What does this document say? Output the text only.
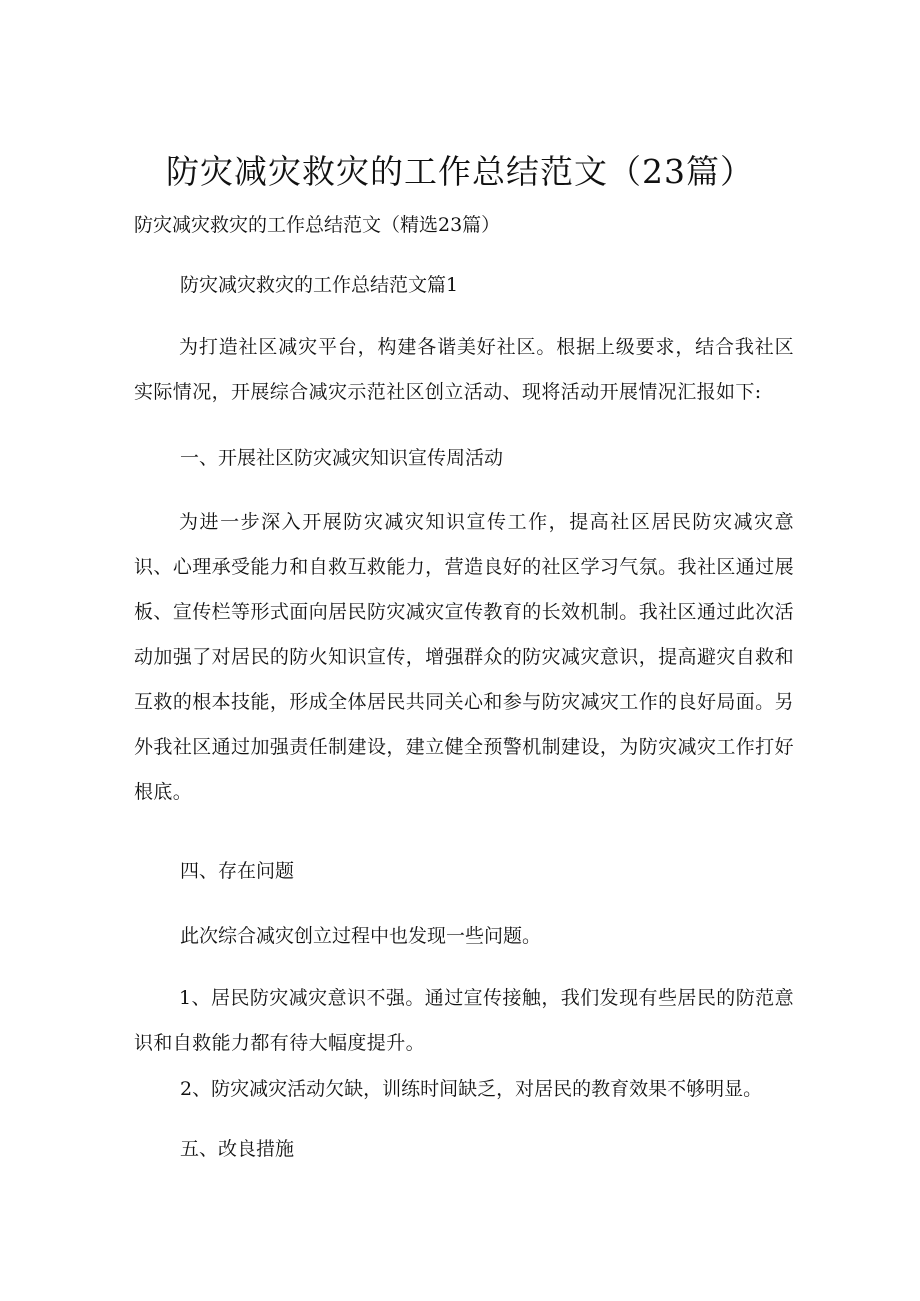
防灾减灾救灾的工作总结范文（23篇）

防灾减灾救灾的工作总结范文（精选23篇）

防灾减灾救灾的工作总结范文篇1

为打造社区减灾平台，构建各谐美好社区。根据上级要求，结合我社区实际情况，开展综合减灾示范社区创立活动、现将活动开展情况汇报如下:

一、开展社区防灾减灾知识宣传周活动

为进一步深入开展防灾减灾知识宣传工作，提高社区居民防灾减灾意识、心理承受能力和自救互救能力，营造良好的社区学习气氛。我社区通过展板、宣传栏等形式面向居民防灾减灾宣传教育的长效机制。我社区通过此次活动加强了对居民的防火知识宣传，增强群众的防灾减灾意识，提高避灾自救和互救的根本技能，形成全体居民共同关心和参与防灾减灾工作的良好局面。另外我社区通过加强责任制建设，建立健全预警机制建设，为防灾减灾工作打好根底。

四、存在问题

此次综合减灾创立过程中也发现一些问题。

1、居民防灾减灾意识不强。通过宣传接触，我们发现有些居民的防范意识和自救能力都有待大幅度提升。

2、防灾减灾活动欠缺，训练时间缺乏，对居民的教育效果不够明显。

五、改良措施
